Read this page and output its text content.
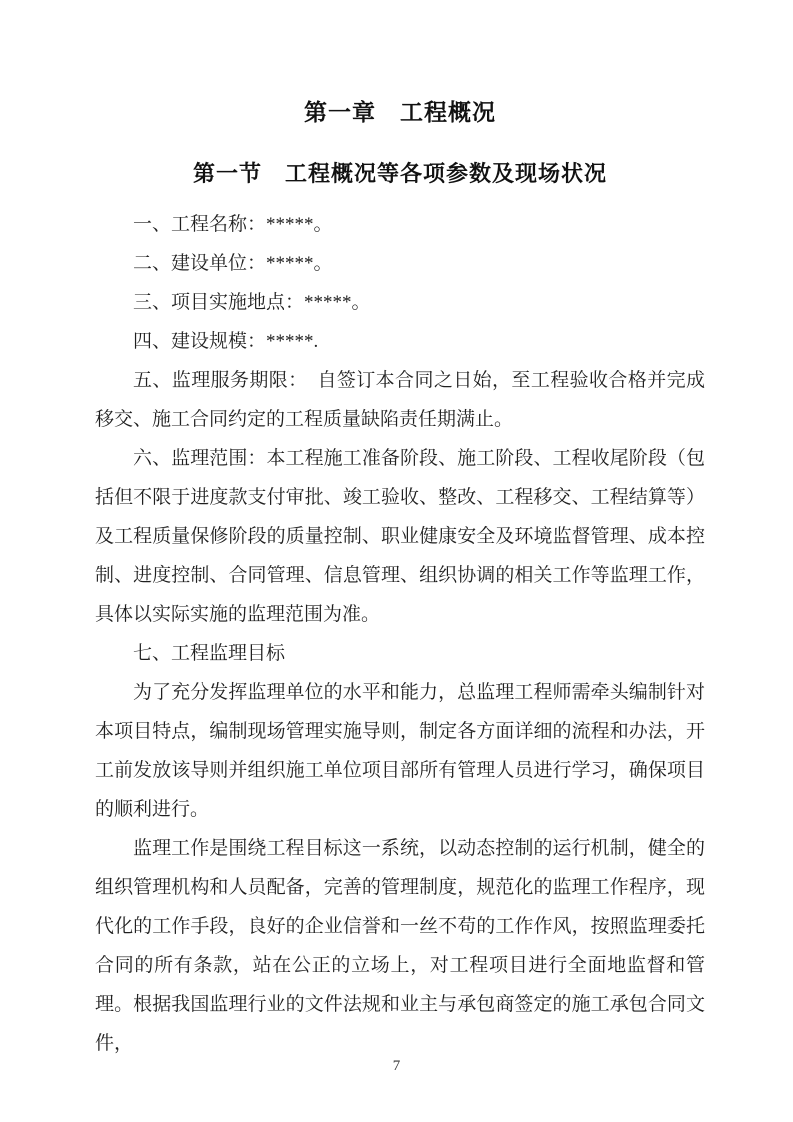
第一章　工程概况
第一节　工程概况等各项参数及现场状况

一、工程名称：*****。

二、建设单位：*****。

三、项目实施地点：*****。

四、建设规模：*****.

五、监理服务期限：　自签订本合同之日始，至工程验收合格并完成移交、施工合同约定的工程质量缺陷责任期满止。

六、监理范围：本工程施工准备阶段、施工阶段、工程收尾阶段（包括但不限于进度款支付审批、竣工验收、整改、工程移交、工程结算等）及工程质量保修阶段的质量控制、职业健康安全及环境监督管理、成本控制、进度控制、合同管理、信息管理、组织协调的相关工作等监理工作，具体以实际实施的监理范围为准。

七、工程监理目标

为了充分发挥监理单位的水平和能力，总监理工程师需牵头编制针对本项目特点，编制现场管理实施导则，制定各方面详细的流程和办法，开工前发放该导则并组织施工单位项目部所有管理人员进行学习，确保项目的顺利进行。

监理工作是围绕工程目标这一系统，以动态控制的运行机制，健全的组织管理机构和人员配备，完善的管理制度，规范化的监理工作程序，现代化的工作手段，良好的企业信誉和一丝不苟的工作作风，按照监理委托合同的所有条款，站在公正的立场上，对工程项目进行全面地监督和管理。根据我国监理行业的文件法规和业主与承包商签定的施工承包合同文件，

7
